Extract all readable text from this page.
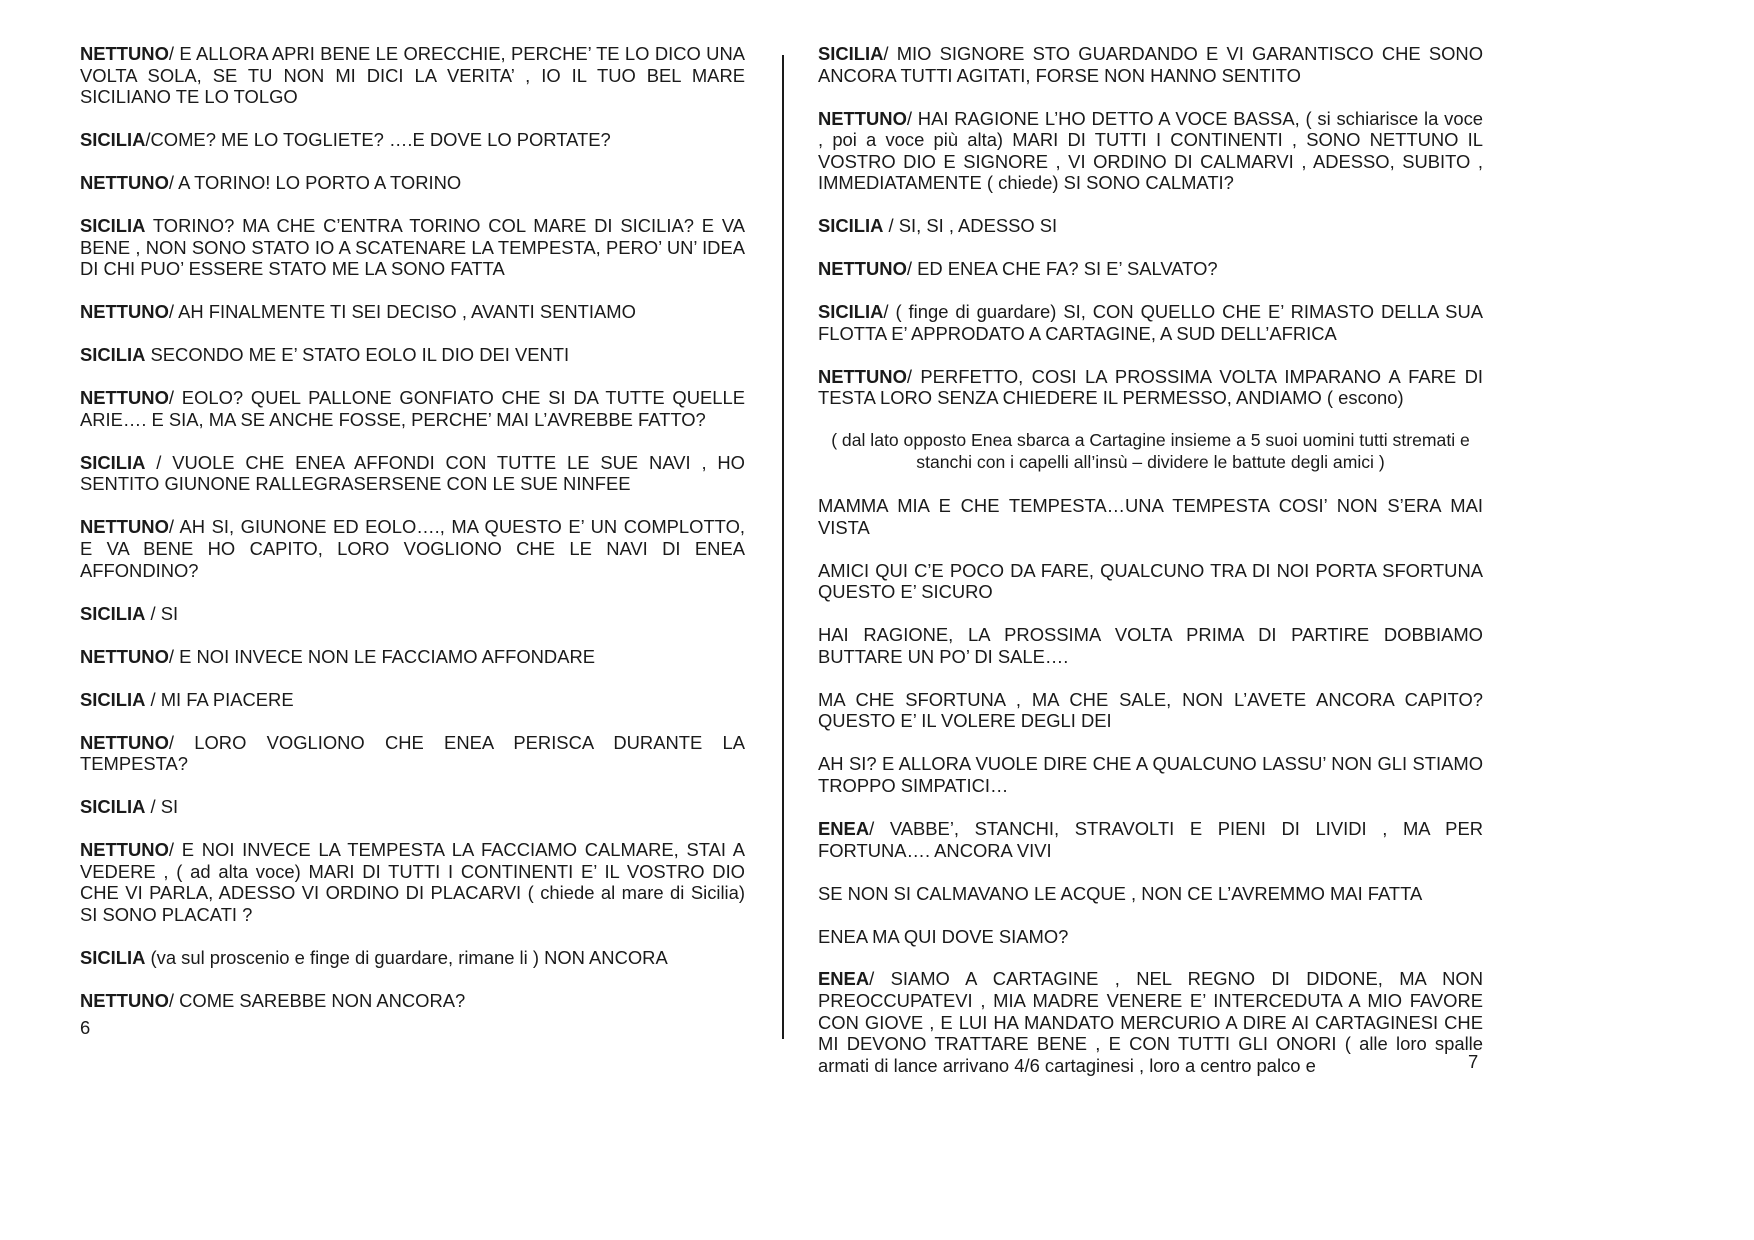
NETTUNO/ E ALLORA APRI BENE LE ORECCHIE, PERCHE’ TE LO DICO UNA VOLTA SOLA, SE TU NON MI DICI LA VERITA’ , IO IL TUO BEL MARE SICILIANO TE LO TOLGO

SICILIA/COME? ME LO TOGLIETE? ….E DOVE LO PORTATE?

NETTUNO/ A TORINO! LO PORTO A TORINO

SICILIA TORINO? MA CHE C’ENTRA TORINO COL MARE DI SICILIA? E VA BENE , NON SONO STATO IO A SCATENARE LA TEMPESTA, PERO’ UN’ IDEA DI CHI PUO’ ESSERE STATO ME LA SONO FATTA

NETTUNO/ AH FINALMENTE TI SEI DECISO , AVANTI SENTIAMO

SICILIA SECONDO ME E’ STATO EOLO IL DIO DEI VENTI

NETTUNO/ EOLO? QUEL PALLONE GONFIATO CHE SI DA TUTTE QUELLE ARIE…. E SIA, MA SE ANCHE FOSSE, PERCHE’ MAI L’AVREBBE FATTO?

SICILIA / VUOLE CHE ENEA AFFONDI CON TUTTE LE SUE NAVI , HO SENTITO GIUNONE RALLEGRASERSENE CON LE SUE NINFEE

NETTUNO/ AH SI, GIUNONE ED EOLO…., MA QUESTO E’ UN COMPLOTTO, E VA BENE HO CAPITO, LORO VOGLIONO CHE LE NAVI DI ENEA AFFONDINO?

SICILIA / SI

NETTUNO/ E NOI INVECE NON LE FACCIAMO AFFONDARE

SICILIA / MI FA PIACERE

NETTUNO/ LORO VOGLIONO CHE ENEA PERISCA DURANTE LA TEMPESTA?

SICILIA / SI

NETTUNO/ E NOI INVECE LA TEMPESTA LA FACCIAMO CALMARE, STAI A VEDERE , ( ad alta voce) MARI DI TUTTI I CONTINENTI E’ IL VOSTRO DIO CHE VI PARLA, ADESSO VI ORDINO DI PLACARVI ( chiede al mare di Sicilia) SI SONO PLACATI ?

SICILIA (va sul proscenio e finge di guardare, rimane li ) NON ANCORA

NETTUNO/ COME SAREBBE NON ANCORA?

SICILIA/ MIO SIGNORE STO GUARDANDO E VI GARANTISCO CHE SONO ANCORA TUTTI AGITATI, FORSE NON HANNO SENTITO

NETTUNO/ HAI RAGIONE L’HO DETTO A VOCE BASSA, ( si schiarisce la voce , poi a voce più alta) MARI DI TUTTI I CONTINENTI , SONO NETTUNO IL VOSTRO DIO E SIGNORE , VI ORDINO DI CALMARVI , ADESSO, SUBITO , IMMEDIATAMENTE ( chiede) SI SONO CALMATI?

SICILIA / SI, SI , ADESSO SI

NETTUNO/ ED ENEA CHE FA? SI E’ SALVATO?

SICILIA/ ( finge di guardare) SI, CON QUELLO CHE E’ RIMASTO DELLA SUA FLOTTA E’ APPRODATO A CARTAGINE, A SUD DELL’AFRICA

NETTUNO/ PERFETTO, COSI LA PROSSIMA VOLTA IMPARANO A FARE DI TESTA LORO SENZA CHIEDERE IL PERMESSO, ANDIAMO ( escono)

( dal lato opposto Enea sbarca a Cartagine insieme a 5 suoi uomini tutti stremati e stanchi con i capelli all’insù – dividere le battute degli amici )

MAMMA MIA E CHE TEMPESTA…UNA TEMPESTA COSI’ NON S’ERA MAI VISTA

AMICI QUI C’E POCO DA FARE, QUALCUNO TRA DI NOI PORTA SFORTUNA QUESTO E’ SICURO

HAI RAGIONE, LA PROSSIMA VOLTA PRIMA DI PARTIRE DOBBIAMO BUTTARE UN PO’ DI SALE….

MA CHE SFORTUNA , MA CHE SALE, NON L’AVETE ANCORA CAPITO? QUESTO E’ IL VOLERE DEGLI DEI

AH SI? E ALLORA VUOLE DIRE CHE A QUALCUNO LASSU’ NON GLI STIAMO TROPPO SIMPATICI…

ENEA/ VABBE’, STANCHI, STRAVOLTI E PIENI DI LIVIDI , MA PER FORTUNA…. ANCORA VIVI

SE NON SI CALMAVANO LE ACQUE , NON CE L’AVREMMO MAI FATTA

ENEA MA QUI DOVE SIAMO?

ENEA/ SIAMO A CARTAGINE , NEL REGNO DI DIDONE, MA NON PREOCCUPATEVI , MIA MADRE VENERE E’ INTERCEDUTA A MIO FAVORE CON GIOVE , E LUI HA MANDATO MERCURIO A DIRE AI CARTAGINESI CHE MI DEVONO TRATTARE BENE , E CON TUTTI GLI ONORI ( alle loro spalle armati di lance arrivano 4/6 cartaginesi , loro a centro palco e

6
7
